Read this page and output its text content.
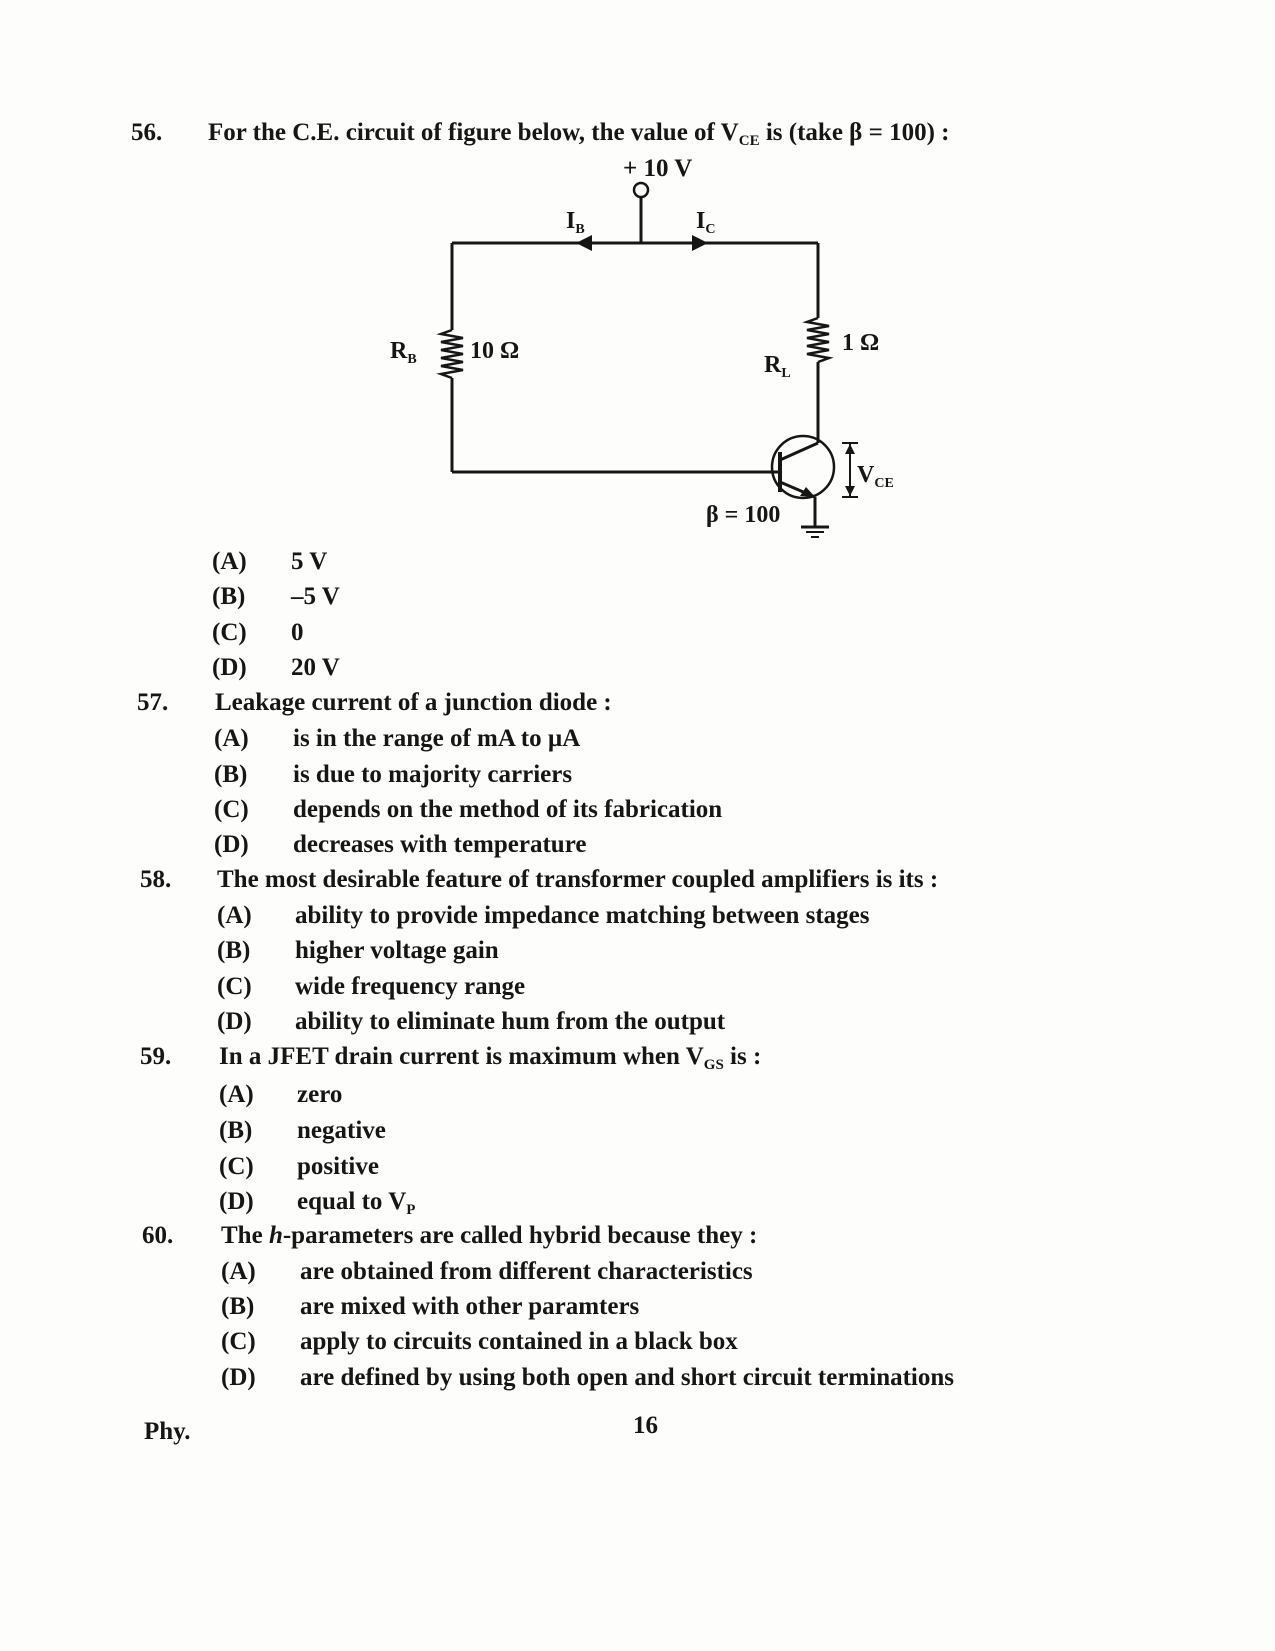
56. For the C.E. circuit of figure below, the value of $V_{CE}$ is (take β = 100) :
+ 10 V
$I_B$	$I_C$
$R_B$ 10 Ω
$R_L$
1 Ω
β = 100
$V_{CE}$
(A) 5 V
(B) –5 V
(C) 0
(D) 20 V
57. Leakage current of a junction diode :
(A) is in the range of mA to µA
(B) is due to majority carriers
(C) depends on the method of its fabrication
(D) decreases with temperature
58. The most desirable feature of transformer coupled amplifiers is its :
(A) ability to provide impedance matching between stages
(B) higher voltage gain
(C) wide frequency range
(D) ability to eliminate hum from the output
59. In a JFET drain current is maximum when $V_{GS}$ is :
(A) zero
(B) negative
(C) positive
(D) equal to $V_P$
60. The h-parameters are called hybrid because they :
(A) are obtained from different characteristics
(B) are mixed with other paramters
(C) apply to circuits contained in a black box
(D) are defined by using both open and short circuit terminations
Phy.	16
